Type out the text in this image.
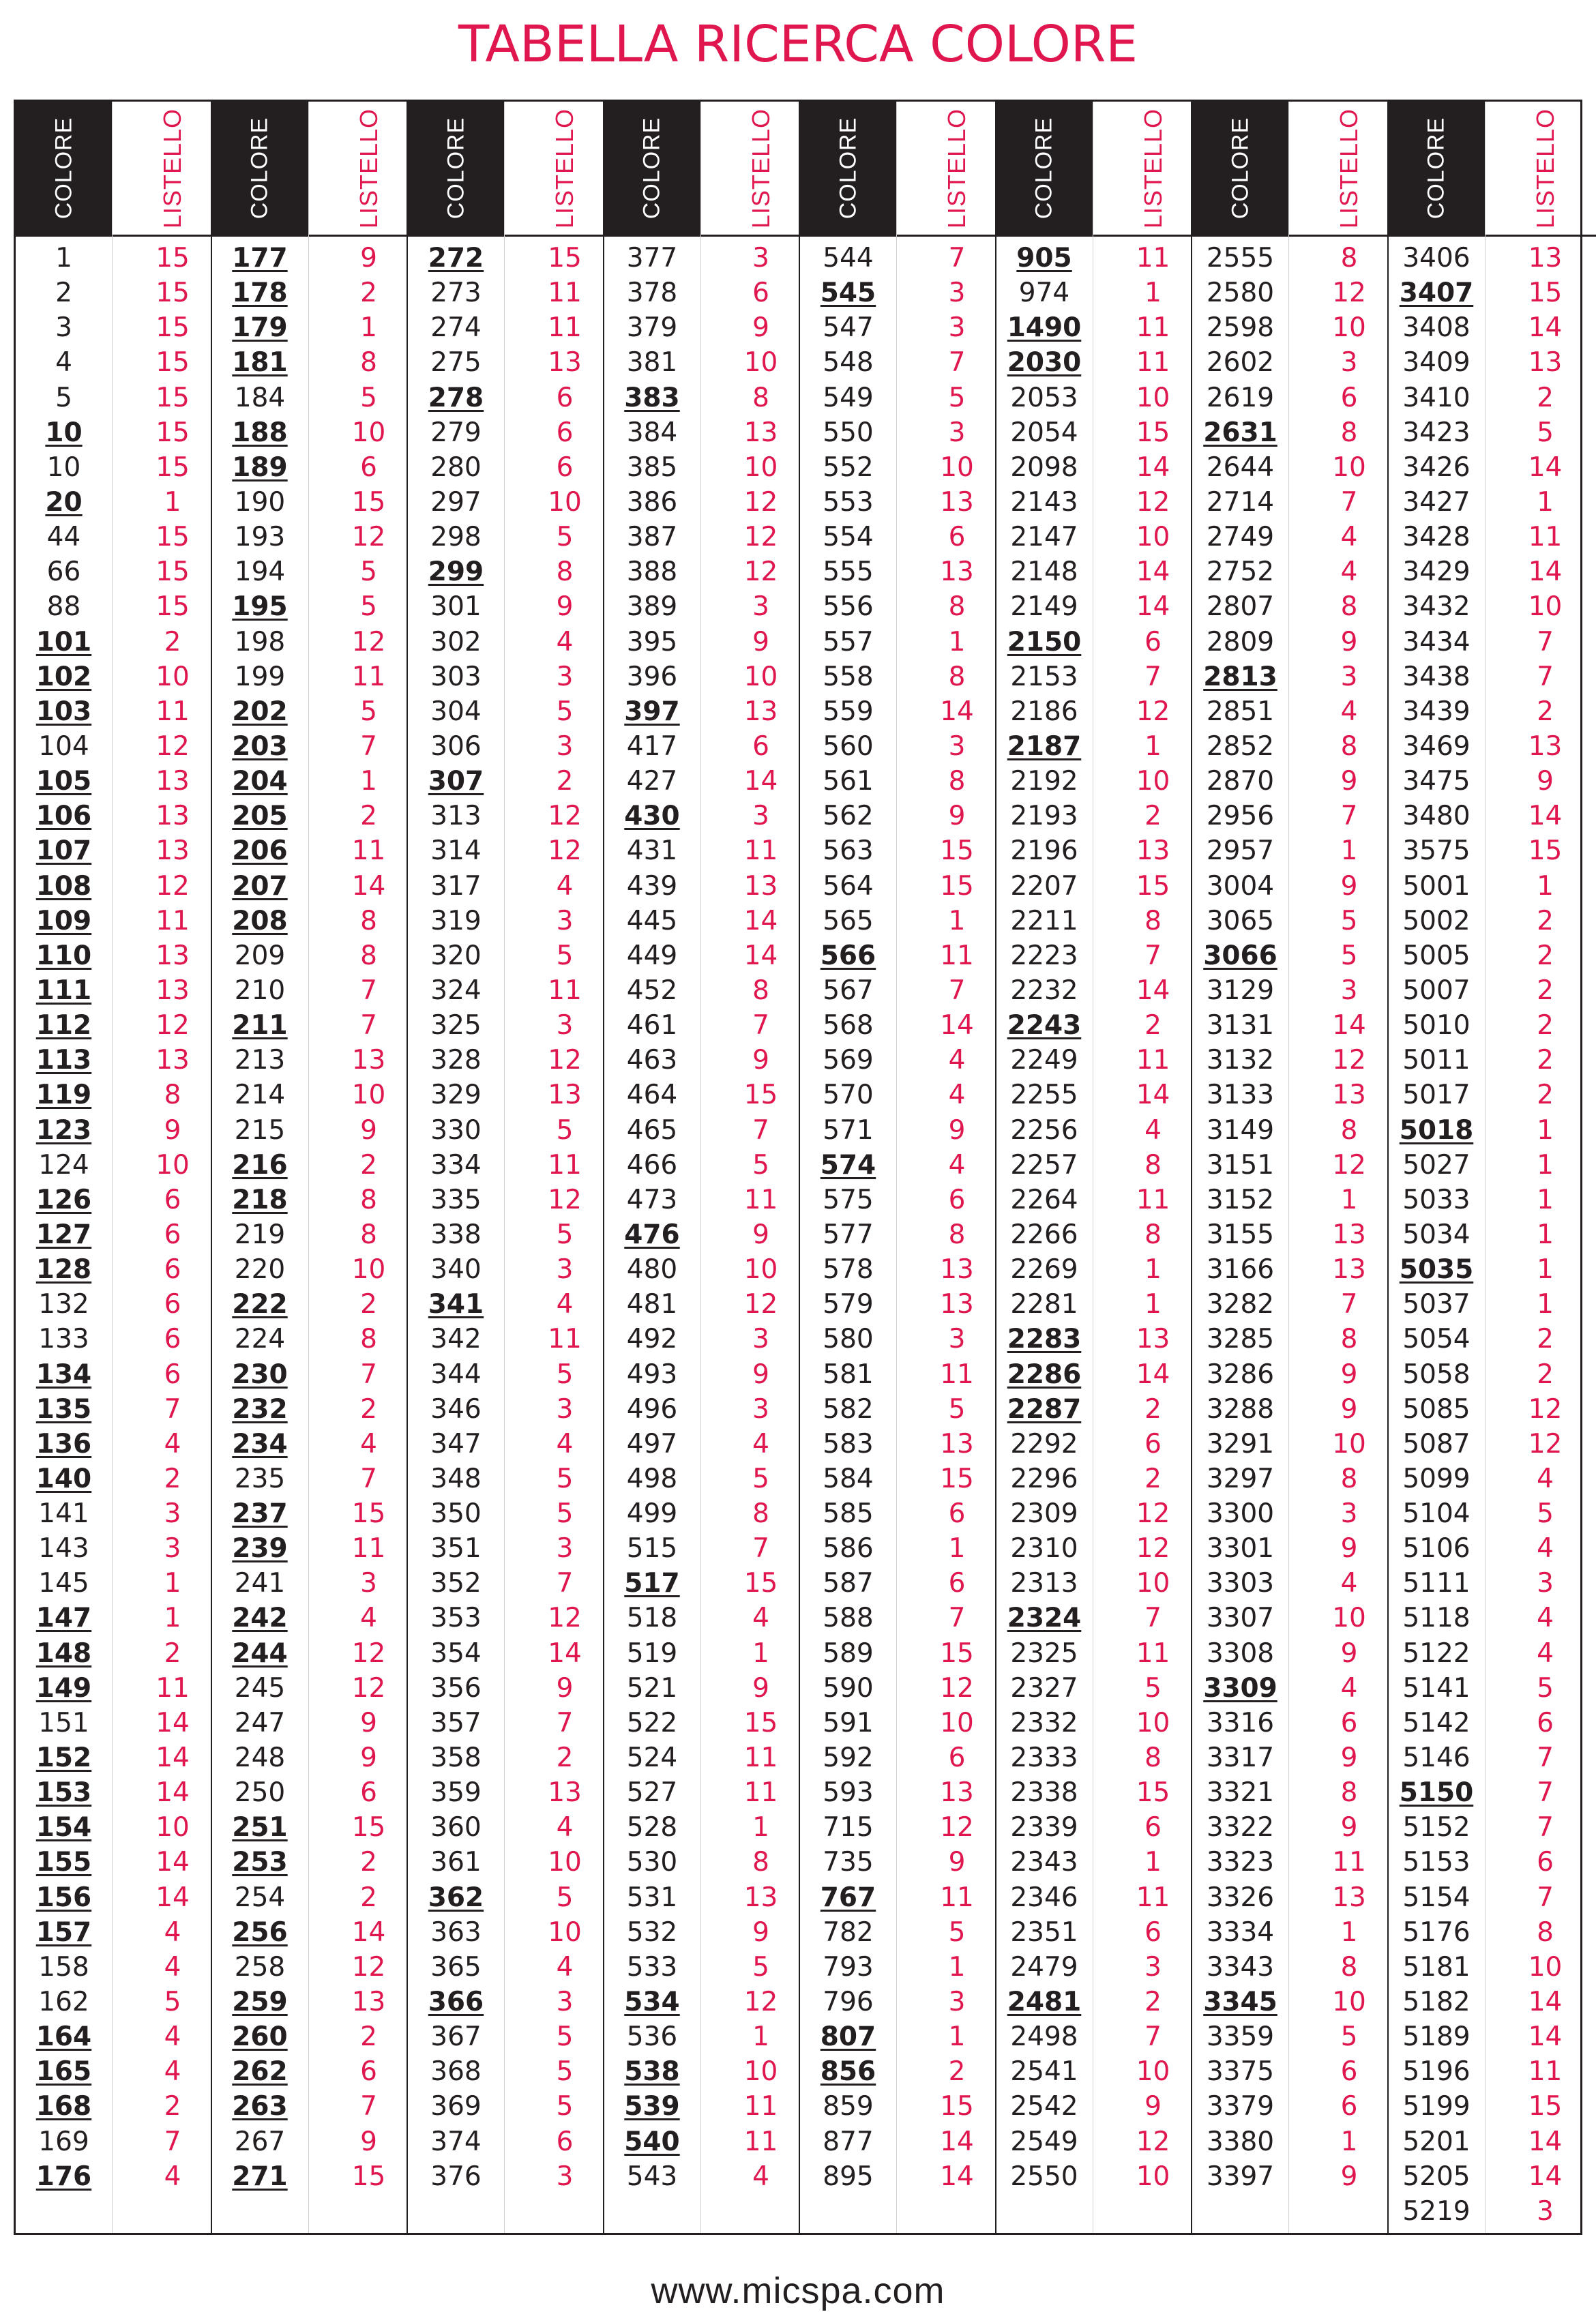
TABELLA RICERCA COLORE
COLORE
1
2
3
4
5
10
10
20
44
66
88
101
102
103
104
105
106
107
108
109
110
111
112
113
119
123
124
126
127
128
132
133
134
135
136
140
141
143
145
147
148
149
151
152
153
154
155
156
157
158
162
164
165
168
169
176
LISTELLO
15
15
15
15
15
15
15
1
15
15
15
2
10
11
12
13
13
13
12
11
13
13
12
13
8
9
10
6
6
6
6
6
6
7
4
2
3
3
1
1
2
11
14
14
14
10
14
14
4
4
5
4
4
2
7
4
COLORE
177
178
179
181
184
188
189
190
193
194
195
198
199
202
203
204
205
206
207
208
209
210
211
213
214
215
216
218
219
220
222
224
230
232
234
235
237
239
241
242
244
245
247
248
250
251
253
254
256
258
259
260
262
263
267
271
LISTELLO
9
2
1
8
5
10
6
15
12
5
5
12
11
5
7
1
2
11
14
8
8
7
7
13
10
9
2
8
8
10
2
8
7
2
4
7
15
11
3
4
12
12
9
9
6
15
2
2
14
12
13
2
6
7
9
15
COLORE
272
273
274
275
278
279
280
297
298
299
301
302
303
304
306
307
313
314
317
319
320
324
325
328
329
330
334
335
338
340
341
342
344
346
347
348
350
351
352
353
354
356
357
358
359
360
361
362
363
365
366
367
368
369
374
376
LISTELLO
15
11
11
13
6
6
6
10
5
8
9
4
3
5
3
2
12
12
4
3
5
11
3
12
13
5
11
12
5
3
4
11
5
3
4
5
5
3
7
12
14
9
7
2
13
4
10
5
10
4
3
5
5
5
6
3
COLORE
377
378
379
381
383
384
385
386
387
388
389
395
396
397
417
427
430
431
439
445
449
452
461
463
464
465
466
473
476
480
481
492
493
496
497
498
499
515
517
518
519
521
522
524
527
528
530
531
532
533
534
536
538
539
540
543
LISTELLO
3
6
9
10
8
13
10
12
12
12
3
9
10
13
6
14
3
11
13
14
14
8
7
9
15
7
5
11
9
10
12
3
9
3
4
5
8
7
15
4
1
9
15
11
11
1
8
13
9
5
12
1
10
11
11
4
COLORE
544
545
547
548
549
550
552
553
554
555
556
557
558
559
560
561
562
563
564
565
566
567
568
569
570
571
574
575
577
578
579
580
581
582
583
584
585
586
587
588
589
590
591
592
593
715
735
767
782
793
796
807
856
859
877
895
LISTELLO
7
3
3
7
5
3
10
13
6
13
8
1
8
14
3
8
9
15
15
1
11
7
14
4
4
9
4
6
8
13
13
3
11
5
13
15
6
1
6
7
15
12
10
6
13
12
9
11
5
1
3
1
2
15
14
14
COLORE
905
974
1490
2030
2053
2054
2098
2143
2147
2148
2149
2150
2153
2186
2187
2192
2193
2196
2207
2211
2223
2232
2243
2249
2255
2256
2257
2264
2266
2269
2281
2283
2286
2287
2292
2296
2309
2310
2313
2324
2325
2327
2332
2333
2338
2339
2343
2346
2351
2479
2481
2498
2541
2542
2549
2550
LISTELLO
11
1
11
11
10
15
14
12
10
14
14
6
7
12
1
10
2
13
15
8
7
14
2
11
14
4
8
11
8
1
1
13
14
2
6
2
12
12
10
7
11
5
10
8
15
6
1
11
6
3
2
7
10
9
12
10
COLORE
2555
2580
2598
2602
2619
2631
2644
2714
2749
2752
2807
2809
2813
2851
2852
2870
2956
2957
3004
3065
3066
3129
3131
3132
3133
3149
3151
3152
3155
3166
3282
3285
3286
3288
3291
3297
3300
3301
3303
3307
3308
3309
3316
3317
3321
3322
3323
3326
3334
3343
3345
3359
3375
3379
3380
3397
LISTELLO
8
12
10
3
6
8
10
7
4
4
8
9
3
4
8
9
7
1
9
5
5
3
14
12
13
8
12
1
13
13
7
8
9
9
10
8
3
9
4
10
9
4
6
9
8
9
11
13
1
8
10
5
6
6
1
9
COLORE
3406
3407
3408
3409
3410
3423
3426
3427
3428
3429
3432
3434
3438
3439
3469
3475
3480
3575
5001
5002
5005
5007
5010
5011
5017
5018
5027
5033
5034
5035
5037
5054
5058
5085
5087
5099
5104
5106
5111
5118
5122
5141
5142
5146
5150
5152
5153
5154
5176
5181
5182
5189
5196
5199
5201
5205
5219
LISTELLO
13
15
14
13
2
5
14
1
11
14
10
7
7
2
13
9
14
15
1
2
2
2
2
2
2
1
1
1
1
1
1
2
2
12
12
4
5
4
3
4
4
5
6
7
7
7
6
7
8
10
14
14
11
15
14
14
3
www.micspa.com
